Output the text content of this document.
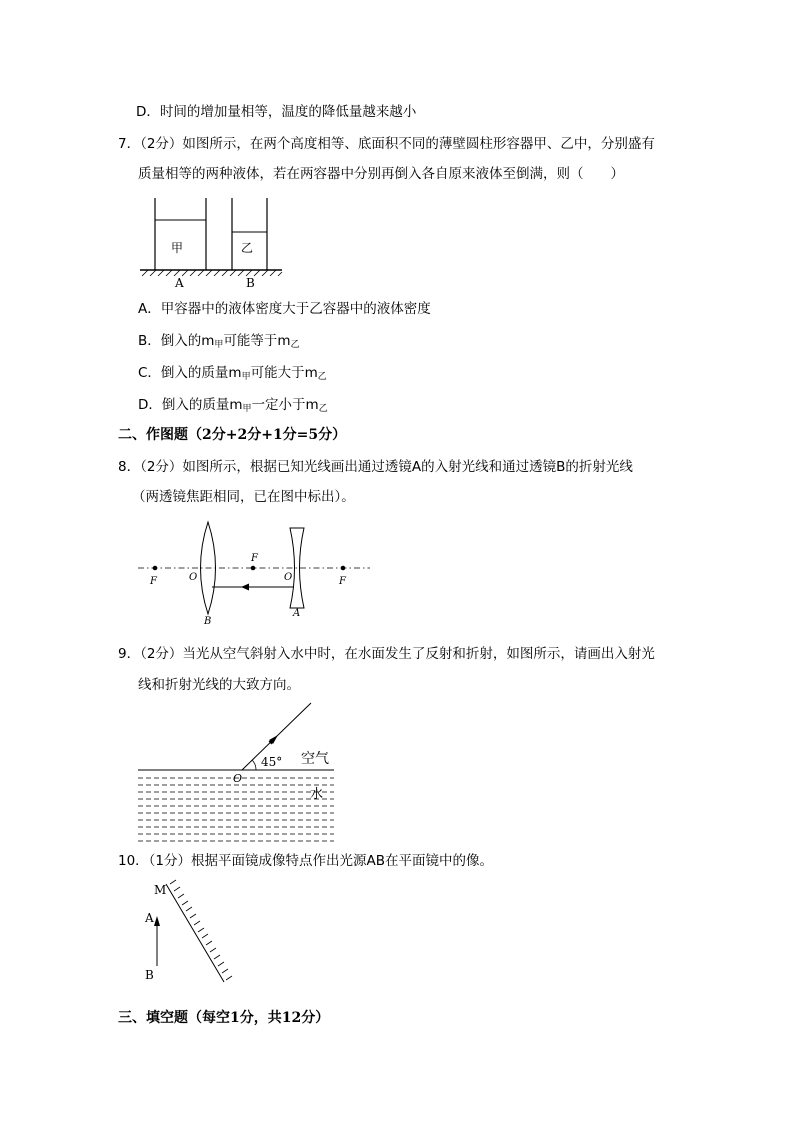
D．时间的增加量相等，温度的降低量越来越小
7．（2分）如图所示，在两个高度相等、底面积不同的薄壁圆柱形容器甲、乙中，分别盛有
质量相等的两种液体，若在两容器中分别再倒入各自原来液体至倒满，则（　　）
甲	乙
A	B
A．甲容器中的液体密度大于乙容器中的液体密度
B．倒入的$m_甲$可能等于$m_乙$
C．倒入的质量$m_甲$可能大于$m_乙$
D．倒入的质量$m_甲$一定小于$m_乙$
二、作图题（2分+2分+1分=5分）
8．（2分）如图所示，根据已知光线画出通过透镜A的入射光线和通过透镜B的折射光线
（两透镜焦距相同，已在图中标出）。
F	O
F
O	F
A
B
9．（2分）当光从空气斜射入水中时，在水面发生了反射和折射，如图所示，请画出入射光
线和折射光线的大致方向。
45° 空气
水
O
10．（1分）根据平面镜成像特点作出光源AB在平面镜中的像。
M
A
B
三、填空题（每空1分，共12分）
